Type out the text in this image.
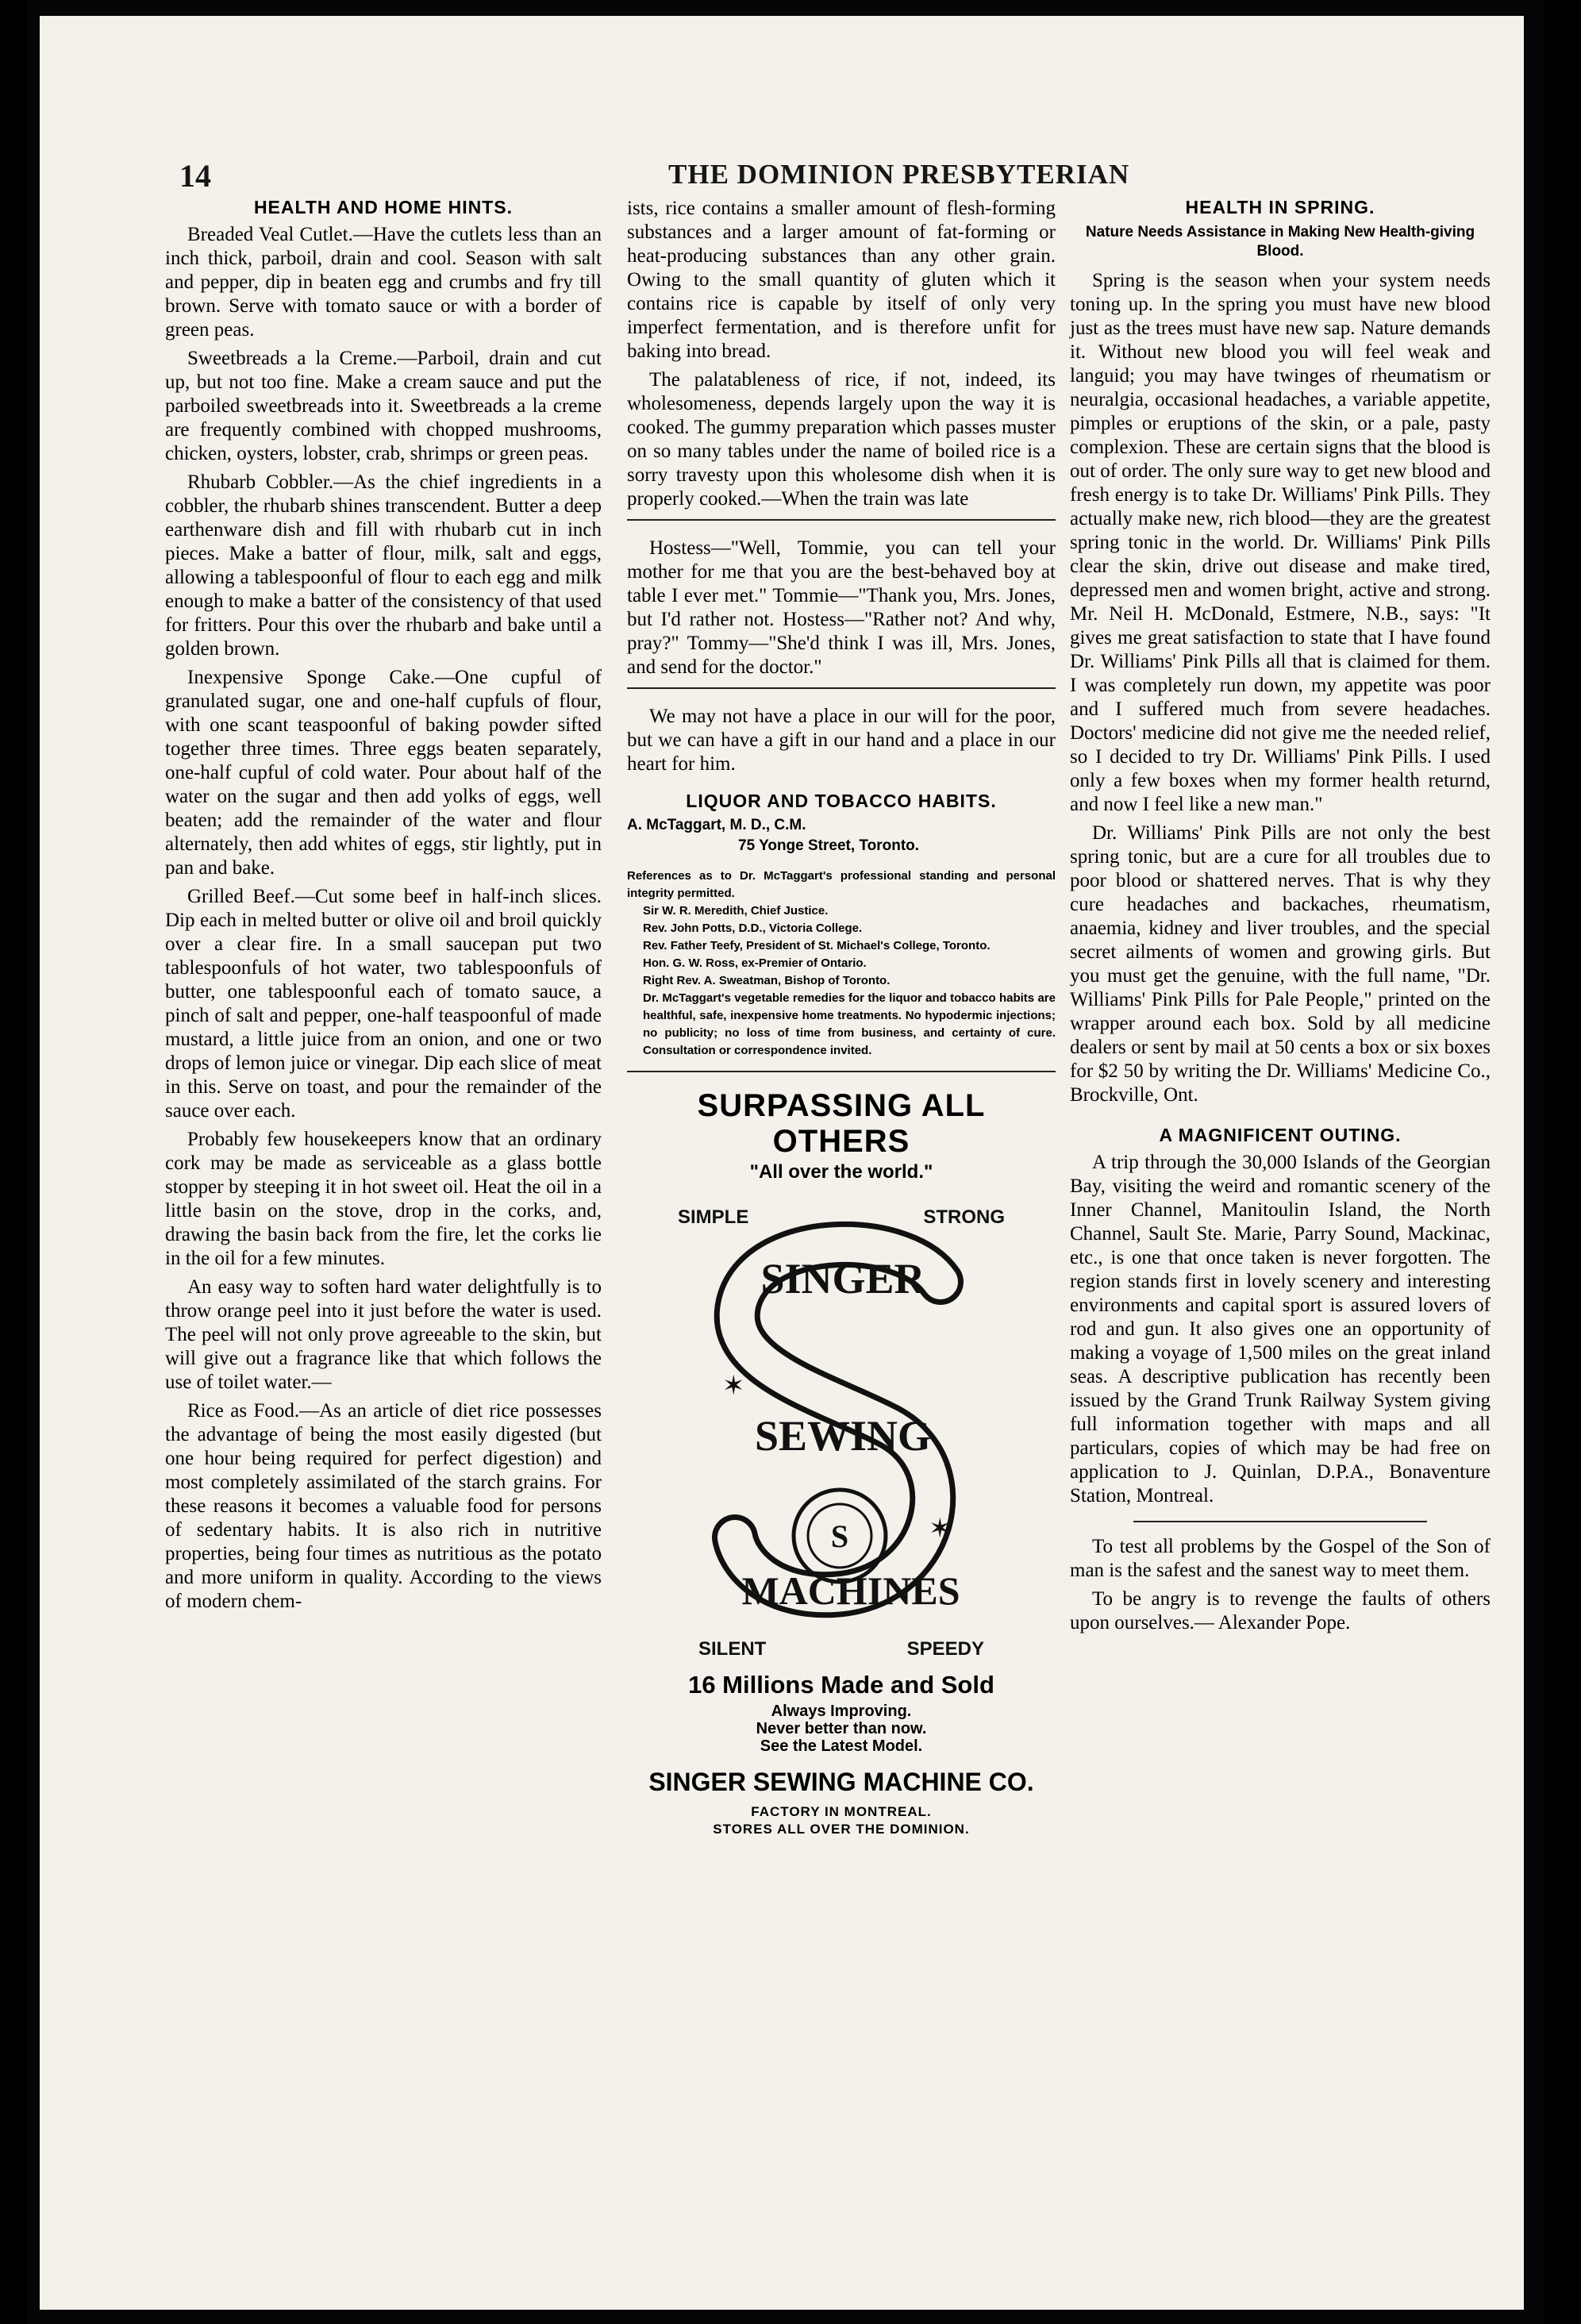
14	THE DOMINION PRESBYTERIAN
HEALTH AND HOME HINTS.

Breaded Veal Cutlet.—Have the cutlets less than an inch thick, parboil, drain and cool. Season with salt and pepper, dip in beaten egg and crumbs and fry till brown. Serve with tomato sauce or with a border of green peas.

Sweetbreads a la Creme.—Parboil, drain and cut up, but not too fine. Make a cream sauce and put the parboiled sweetbreads into it. Sweetbreads a la creme are frequently combined with chopped mushrooms, chicken, oysters, lobster, crab, shrimps or green peas.

Rhubarb Cobbler.—As the chief ingredients in a cobbler, the rhubarb shines transcendent. Butter a deep earthenware dish and fill with rhubarb cut in inch pieces. Make a batter of flour, milk, salt and eggs, allowing a tablespoonful of flour to each egg and milk enough to make a batter of the consistency of that used for fritters. Pour this over the rhubarb and bake until a golden brown.

Inexpensive Sponge Cake.—One cupful of granulated sugar, one and one-half cupfuls of flour, with one scant teaspoonful of baking powder sifted together three times. Three eggs beaten separately, one-half cupful of cold water. Pour about half of the water on the sugar and then add yolks of eggs, well beaten; add the remainder of the water and flour alternately, then add whites of eggs, stir lightly, put in pan and bake.

Grilled Beef.—Cut some beef in half-inch slices. Dip each in melted butter or olive oil and broil quickly over a clear fire. In a small saucepan put two tablespoonfuls of hot water, two tablespoonfuls of butter, one tablespoonful each of tomato sauce, a pinch of salt and pepper, one-half teaspoonful of made mustard, a little juice from an onion, and one or two drops of lemon juice or vinegar. Dip each slice of meat in this. Serve on toast, and pour the remainder of the sauce over each.

Probably few housekeepers know that an ordinary cork may be made as serviceable as a glass bottle stopper by steeping it in hot sweet oil. Heat the oil in a little basin on the stove, drop in the corks, and, drawing the basin back from the fire, let the corks lie in the oil for a few minutes.

An easy way to soften hard water delightfully is to throw orange peel into it just before the water is used. The peel will not only prove agreeable to the skin, but will give out a fragrance like that which follows the use of toilet water.—

Rice as Food.—As an article of diet rice possesses the advantage of being the most easily digested (but one hour being required for perfect digestion) and most completely assimilated of the starch grains. For these reasons it becomes a valuable food for persons of sedentary habits. It is also rich in nutritive properties, being four times as nutritious as the potato and more uniform in quality. According to the views of modern chem-

ists, rice contains a smaller amount of flesh-forming substances and a larger amount of fat-forming or heat-producing substances than any other grain. Owing to the small quantity of gluten which it contains rice is capable by itself of only very imperfect fermentation, and is therefore unfit for baking into bread.

The palatableness of rice, if not, indeed, its wholesomeness, depends largely upon the way it is cooked. The gummy preparation which passes muster on so many tables under the name of boiled rice is a sorry travesty upon this wholesome dish when it is properly cooked.—When the train was late

Hostess—"Well, Tommie, you can tell your mother for me that you are the best-behaved boy at table I ever met." Tommie—"Thank you, Mrs. Jones, but I'd rather not. Hostess—"Rather not? And why, pray?" Tommy—"She'd think I was ill, Mrs. Jones, and send for the doctor."

We may not have a place in our will for the poor, but we can have a gift in our hand and a place in our heart for him.

LIQUOR AND TOBACCO HABITS.
A. McTaggart, M. D., C.M.
75 Yonge Street, Toronto.

References as to Dr. McTaggart's professional standing and personal integrity permitted.

Sir W. R. Meredith, Chief Justice.

Rev. John Potts, D.D., Victoria College.

Rev. Father Teefy, President of St. Michael's College, Toronto.

Hon. G. W. Ross, ex-Premier of Ontario.

Right Rev. A. Sweatman, Bishop of Toronto.

Dr. McTaggart's vegetable remedies for the liquor and tobacco habits are healthful, safe, inexpensive home treatments. No hypodermic injections; no publicity; no loss of time from business, and certainty of cure. Consultation or correspondence invited.

SURPASSING ALL OTHERS
"All over the world."
SIMPLE	STRONG
SINGER
SEWING
S
✶
✶
MACHINES
SILENT	SPEEDY
16 Millions Made and Sold
Always Improving.
Never better than now.
See the Latest Model.
SINGER SEWING MACHINE CO.
FACTORY IN MONTREAL.
STORES ALL OVER THE DOMINION.
HEALTH IN SPRING.
Nature Needs Assistance in Making New Health-giving Blood.

Spring is the season when your system needs toning up. In the spring you must have new blood just as the trees must have new sap. Nature demands it. Without new blood you will feel weak and languid; you may have twinges of rheumatism or neuralgia, occasional headaches, a variable appetite, pimples or eruptions of the skin, or a pale, pasty complexion. These are certain signs that the blood is out of order. The only sure way to get new blood and fresh energy is to take Dr. Williams' Pink Pills. They actually make new, rich blood—they are the greatest spring tonic in the world. Dr. Williams' Pink Pills clear the skin, drive out disease and make tired, depressed men and women bright, active and strong. Mr. Neil H. McDonald, Estmere, N.B., says: "It gives me great satisfaction to state that I have found Dr. Williams' Pink Pills all that is claimed for them. I was completely run down, my appetite was poor and I suffered much from severe headaches. Doctors' medicine did not give me the needed relief, so I decided to try Dr. Williams' Pink Pills. I used only a few boxes when my former health returnd, and now I feel like a new man."

Dr. Williams' Pink Pills are not only the best spring tonic, but are a cure for all troubles due to poor blood or shattered nerves. That is why they cure headaches and backaches, rheumatism, anaemia, kidney and liver troubles, and the special secret ailments of women and growing girls. But you must get the genuine, with the full name, "Dr. Williams' Pink Pills for Pale People," printed on the wrapper around each box. Sold by all medicine dealers or sent by mail at 50 cents a box or six boxes for $2 50 by writing the Dr. Williams' Medicine Co., Brockville, Ont.

A MAGNIFICENT OUTING.

A trip through the 30,000 Islands of the Georgian Bay, visiting the weird and romantic scenery of the Inner Channel, Manitoulin Island, the North Channel, Sault Ste. Marie, Parry Sound, Mackinac, etc., is one that once taken is never forgotten. The region stands first in lovely scenery and interesting environments and capital sport is assured lovers of rod and gun. It also gives one an opportunity of making a voyage of 1,500 miles on the great inland seas. A descriptive publication has recently been issued by the Grand Trunk Railway System giving full information together with maps and all particulars, copies of which may be had free on application to J. Quinlan, D.P.A., Bonaventure Station, Montreal.

To test all problems by the Gospel of the Son of man is the safest and the sanest way to meet them.

To be angry is to revenge the faults of others upon ourselves.— Alexander Pope.
